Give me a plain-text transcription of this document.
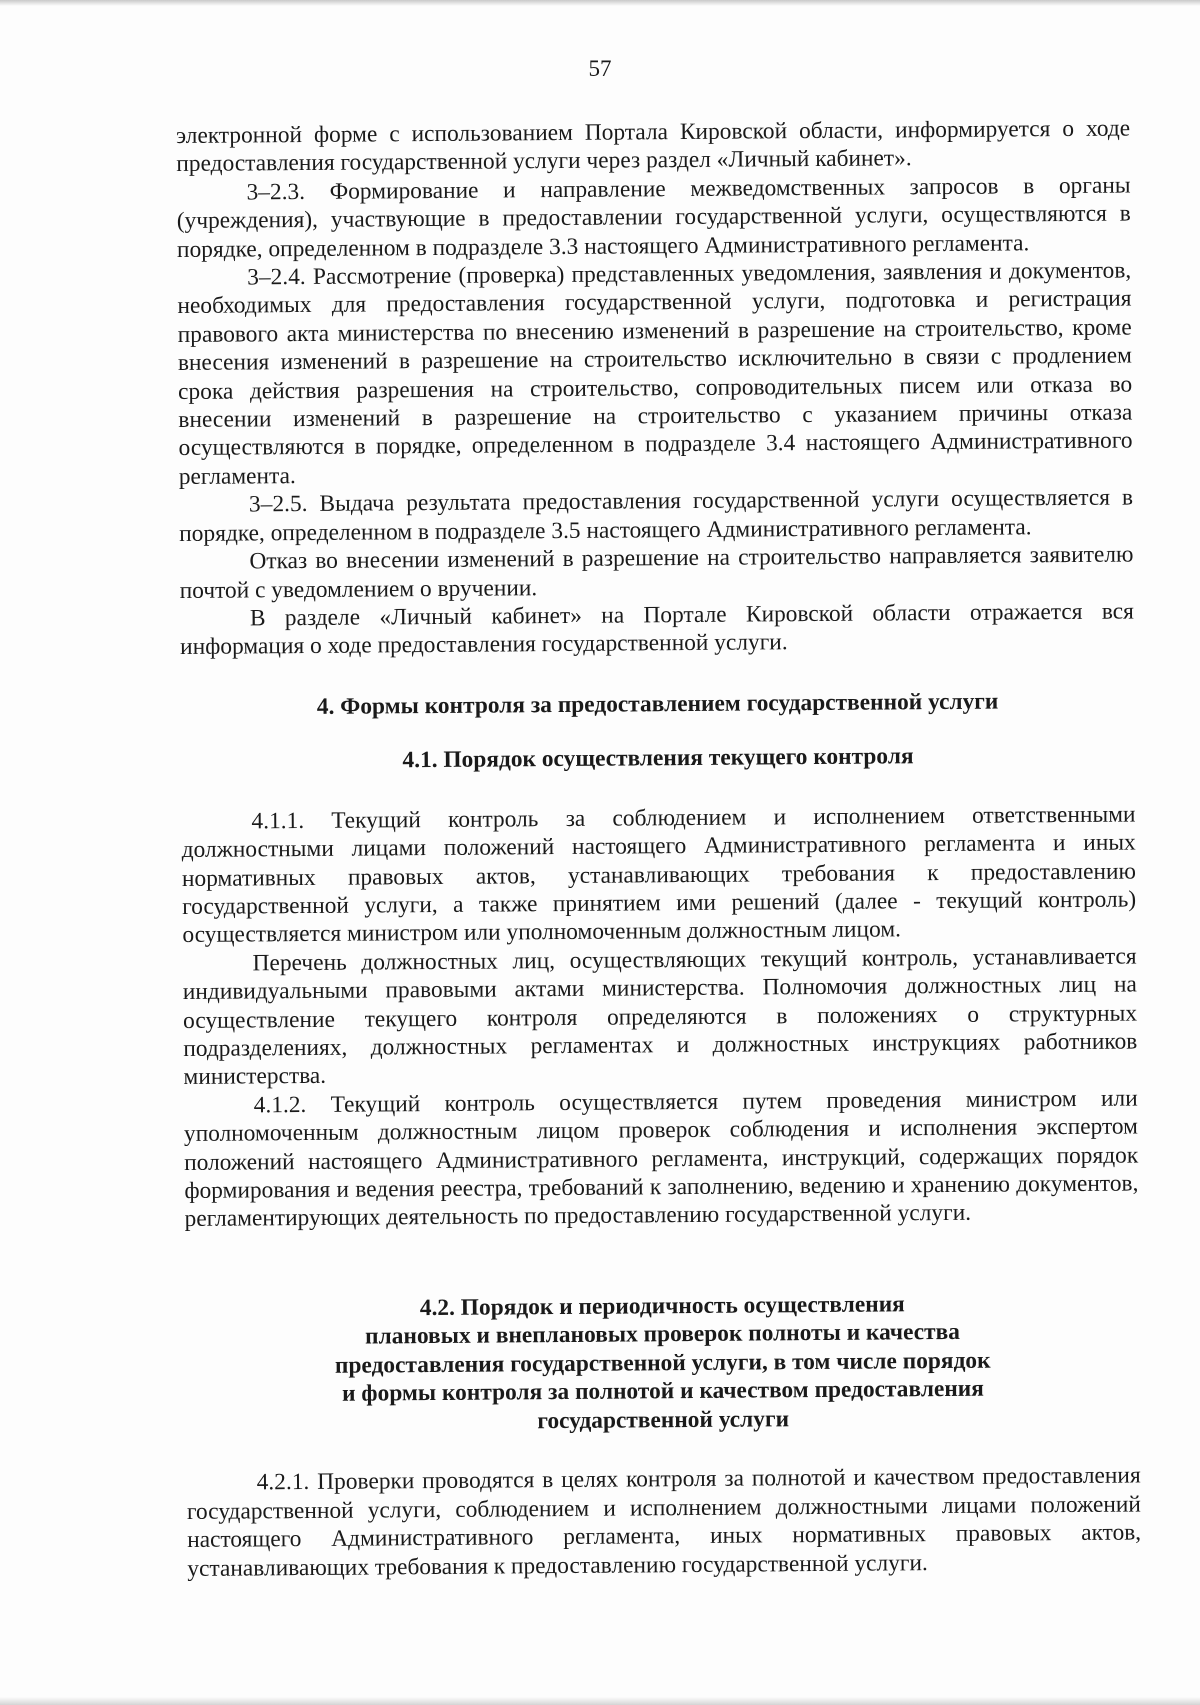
57

электронной форме с использованием Портала Кировской области, информируется о ходе предоставления государственной услуги через раздел «Личный кабинет».

3–2.3. Формирование и направление межведомственных запросов в органы (учреждения), участвующие в предоставлении государственной услуги, осуществляются в порядке, определенном в подразделе 3.3 настоящего Административного регламента.

3–2.4. Рассмотрение (проверка) представленных уведомления, заявления и документов, необходимых для предоставления государственной услуги, подготовка и регистрация правового акта министерства по внесению изменений в разрешение на строительство, кроме внесения изменений в разрешение на строительство исключительно в связи с продлением срока действия разрешения на строительство, сопроводительных писем или отказа во внесении изменений в разрешение на строительство с указанием причины отказа осуществляются в порядке, определенном в подразделе 3.4 настоящего Административного регламента.

3–2.5. Выдача результата предоставления государственной услуги осуществляется в порядке, определенном в подразделе 3.5 настоящего Административного регламента.

Отказ во внесении изменений в разрешение на строительство направляется заявителю почтой с уведомлением о вручении.

В разделе «Личный кабинет» на Портале Кировской области отражается вся информация о ходе предоставления государственной услуги.

4. Формы контроля за предоставлением государственной услуги

4.1. Порядок осуществления текущего контроля

4.1.1. Текущий контроль за соблюдением и исполнением ответственными должностными лицами положений настоящего Административного регламента и иных нормативных правовых актов, устанавливающих требования к предоставлению государственной услуги, а также принятием ими решений (далее - текущий контроль) осуществляется министром или уполномоченным должностным лицом.

Перечень должностных лиц, осуществляющих текущий контроль, устанавливается индивидуальными правовыми актами министерства. Полномочия должностных лиц на осуществление текущего контроля определяются в положениях о структурных подразделениях, должностных регламентах и должностных инструкциях работников министерства.

4.1.2. Текущий контроль осуществляется путем проведения министром или уполномоченным должностным лицом проверок соблюдения и исполнения экспертом положений настоящего Административного регламента, инструкций, содержащих порядок формирования и ведения реестра, требований к заполнению, ведению и хранению документов, регламентирующих деятельность по предоставлению государственной услуги.

4.2. Порядок и периодичность осуществления
плановых и внеплановых проверок полноты и качества
предоставления государственной услуги, в том числе порядок
и формы контроля за полнотой и качеством предоставления
государственной услуги

4.2.1. Проверки проводятся в целях контроля за полнотой и качеством предоставления государственной услуги, соблюдением и исполнением должностными лицами положений настоящего Административного регламента, иных нормативных правовых актов, устанавливающих требования к предоставлению государственной услуги.
